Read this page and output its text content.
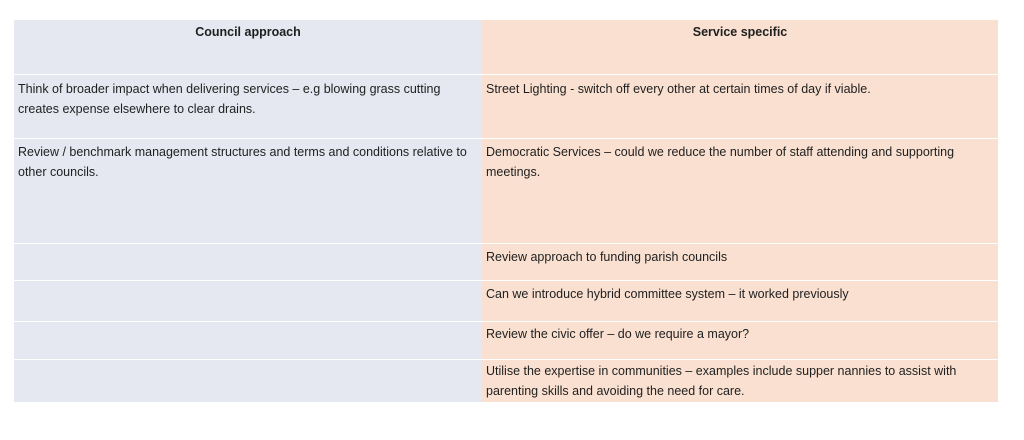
Council approach	Service specific

Think of broader impact when delivering services – e.g blowing grass cutting creates expense elsewhere to clear drains.	Street Lighting - switch off every other at certain times of day if viable.

Review / benchmark management structures and terms and conditions relative to other councils.	Democratic Services – could we reduce the number of staff attending and supporting meetings.

	Review approach to funding parish councils

	Can we introduce hybrid committee system – it worked previously

	Review the civic offer – do we require a mayor?

	Utilise the expertise in communities – examples include supper nannies to assist with parenting skills and avoiding the need for care.
